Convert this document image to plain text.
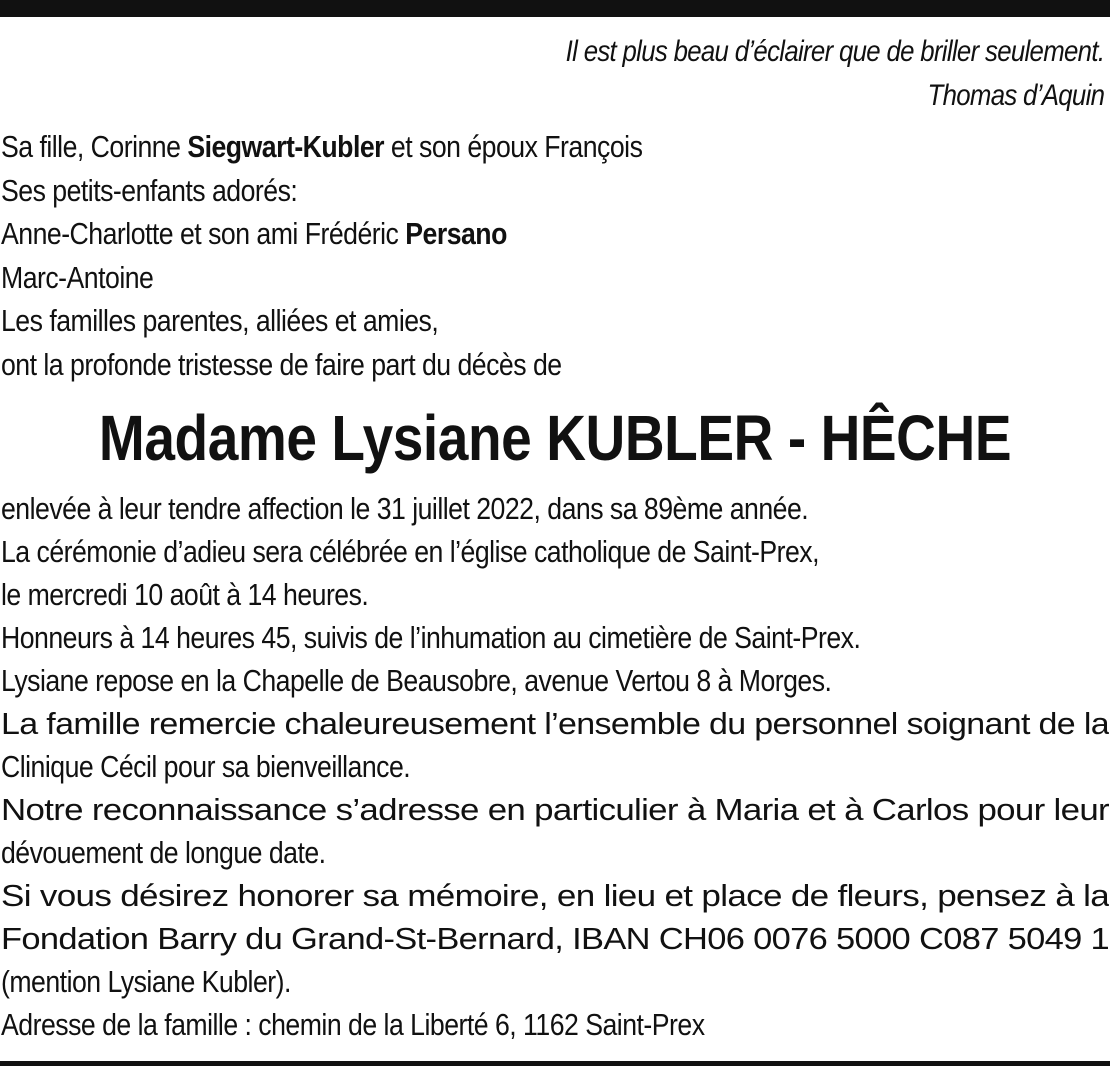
Il est plus beau d’éclairer que de briller seulement.
Thomas d’Aquin
Sa fille, Corinne Siegwart-Kubler et son époux François
Ses petits-enfants adorés:
Anne-Charlotte et son ami Frédéric Persano
Marc-Antoine
Les familles parentes, alliées et amies,
ont la profonde tristesse de faire part du décès de
Madame Lysiane KUBLER - HÊCHE
enlevée à leur tendre affection le 31 juillet 2022, dans sa 89ème année.
La cérémonie d’adieu sera célébrée en l’église catholique de Saint-Prex,
le mercredi 10 août à 14 heures.
Honneurs à 14 heures 45, suivis de l’inhumation au cimetière de Saint-Prex.
Lysiane repose en la Chapelle de Beausobre, avenue Vertou 8 à Morges.
La famille remercie chaleureusement l’ensemble du personnel soignant de la
Clinique Cécil pour sa bienveillance.
Notre reconnaissance s’adresse en particulier à Maria et à Carlos pour leur
dévouement de longue date.
Si vous désirez honorer sa mémoire, en lieu et place de fleurs, pensez à la
Fondation Barry du Grand-St-Bernard, IBAN CH06 0076 5000 C087 5049 1
(mention Lysiane Kubler).
Adresse de la famille : chemin de la Liberté 6, 1162 Saint-Prex
